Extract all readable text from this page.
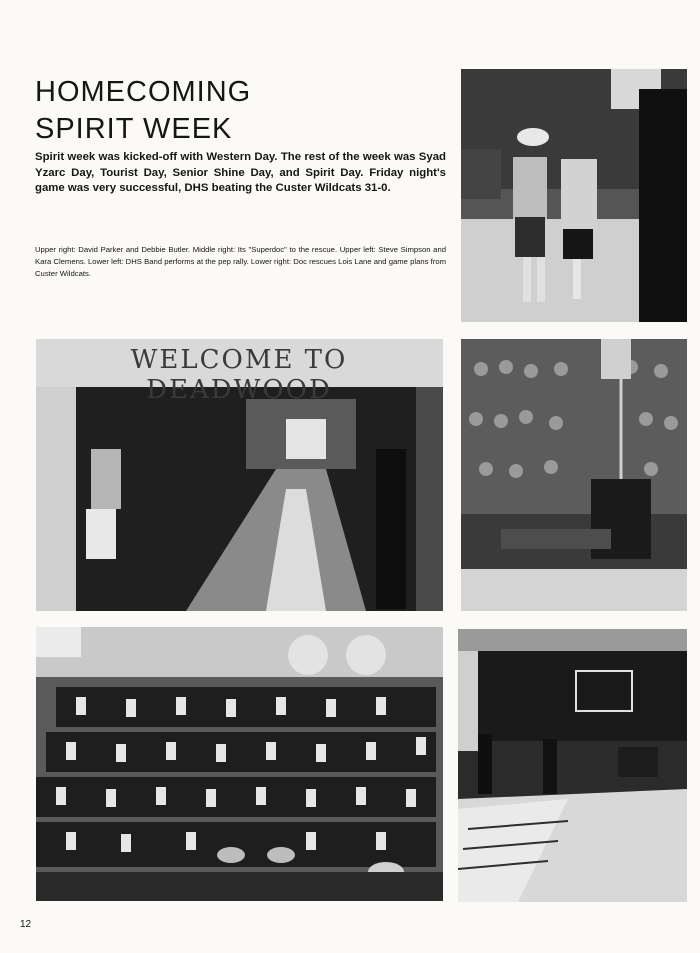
HOMECOMING
SPIRIT WEEK

Spirit week was kicked-off with Western Day. The rest of the week was Syad Yzarc Day, Tourist Day, Senior Shine Day, and Spirit Day. Friday night's game was very successful, DHS beating the Custer Wildcats 31-0.

Upper right: David Parker and Debbie Butler. Middle right: Its "Superdoc" to the rescue. Upper left: Steve Simpson and Kara Clemens. Lower left: DHS Band performs at the pep rally. Lower right: Doc rescues Lois Lane and game plans from Custer Wildcats.

WELCOME TO DEADWOOD
12
